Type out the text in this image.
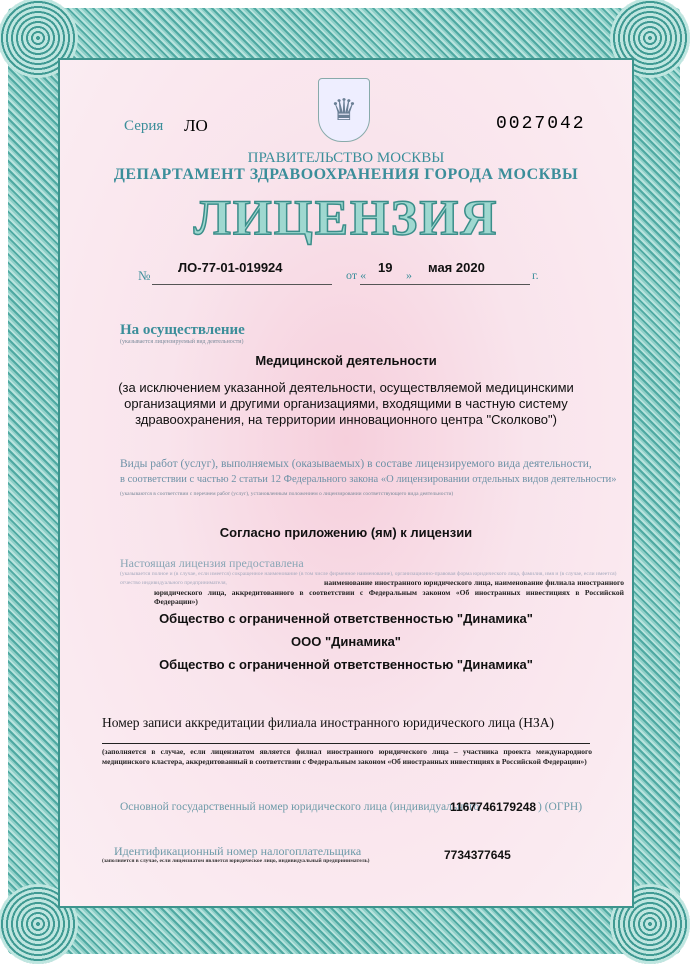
♛
Серия ЛО	0027042
ПРАВИТЕЛЬСТВО МОСКВЫ
ДЕПАРТАМЕНТ ЗДРАВООХРАНЕНИЯ ГОРОДА МОСКВЫ
ЛИЦЕНЗИЯ
№
ЛО-77-01-019924	от « 19 » мая 2020	г.
На осуществление
(указывается лицензируемый вид деятельности)
Медицинской деятельности
(за исключением указанной деятельности, осуществляемой медицинскими организациями и другими организациями, входящими в частную систему здравоохранения, на территории инновационного центра "Сколково")
Виды работ (услуг), выполняемых (оказываемых) в составе лицензируемого вида деятельности,
в соответствии с частью 2 статьи 12 Федерального закона «О лицензировании отдельных видов деятельности»
(указываются в соответствии с перечнем работ (услуг), установленным положением о лицензировании соответствующего вида деятельности)
Согласно приложению (ям) к лицензии
Настоящая лицензия предоставлена
(указывается полное и (в случае, если имеется) сокращенное наименование (в том числе фирменное наименование), организационно-правовая форма юридического лица, фамилия, имя и (в случае, если имеется) отчество индивидуального предпринимателя,	наименование иностранного юридического лица, наименование филиала иностранного юридического лица, аккредитованного в соответствии с Федеральным законом «Об иностранных инвестициях в Российской Федерации»)
Общество с ограниченной ответственностью "Динамика"
ООО "Динамика"
Общество с ограниченной ответственностью "Динамика"
Номер записи аккредитации филиала иностранного юридического лица (НЗА)
(заполняется в случае, если лицензиатом является филиал иностранного юридического лица – участника проекта международного медицинского кластера, аккредитованный в соответствии с Федеральным законом «Об иностранных инвестициях в Российской Федерации»)
Основной государственный номер юридического лица (индивидуального
1167746179248 ) (ОГРН)
Идентификационный номер налогоплательщика
(заполняется в случае, если лицензиатом является юридическое лицо, индивидуальный предприниматель)	7734377645
